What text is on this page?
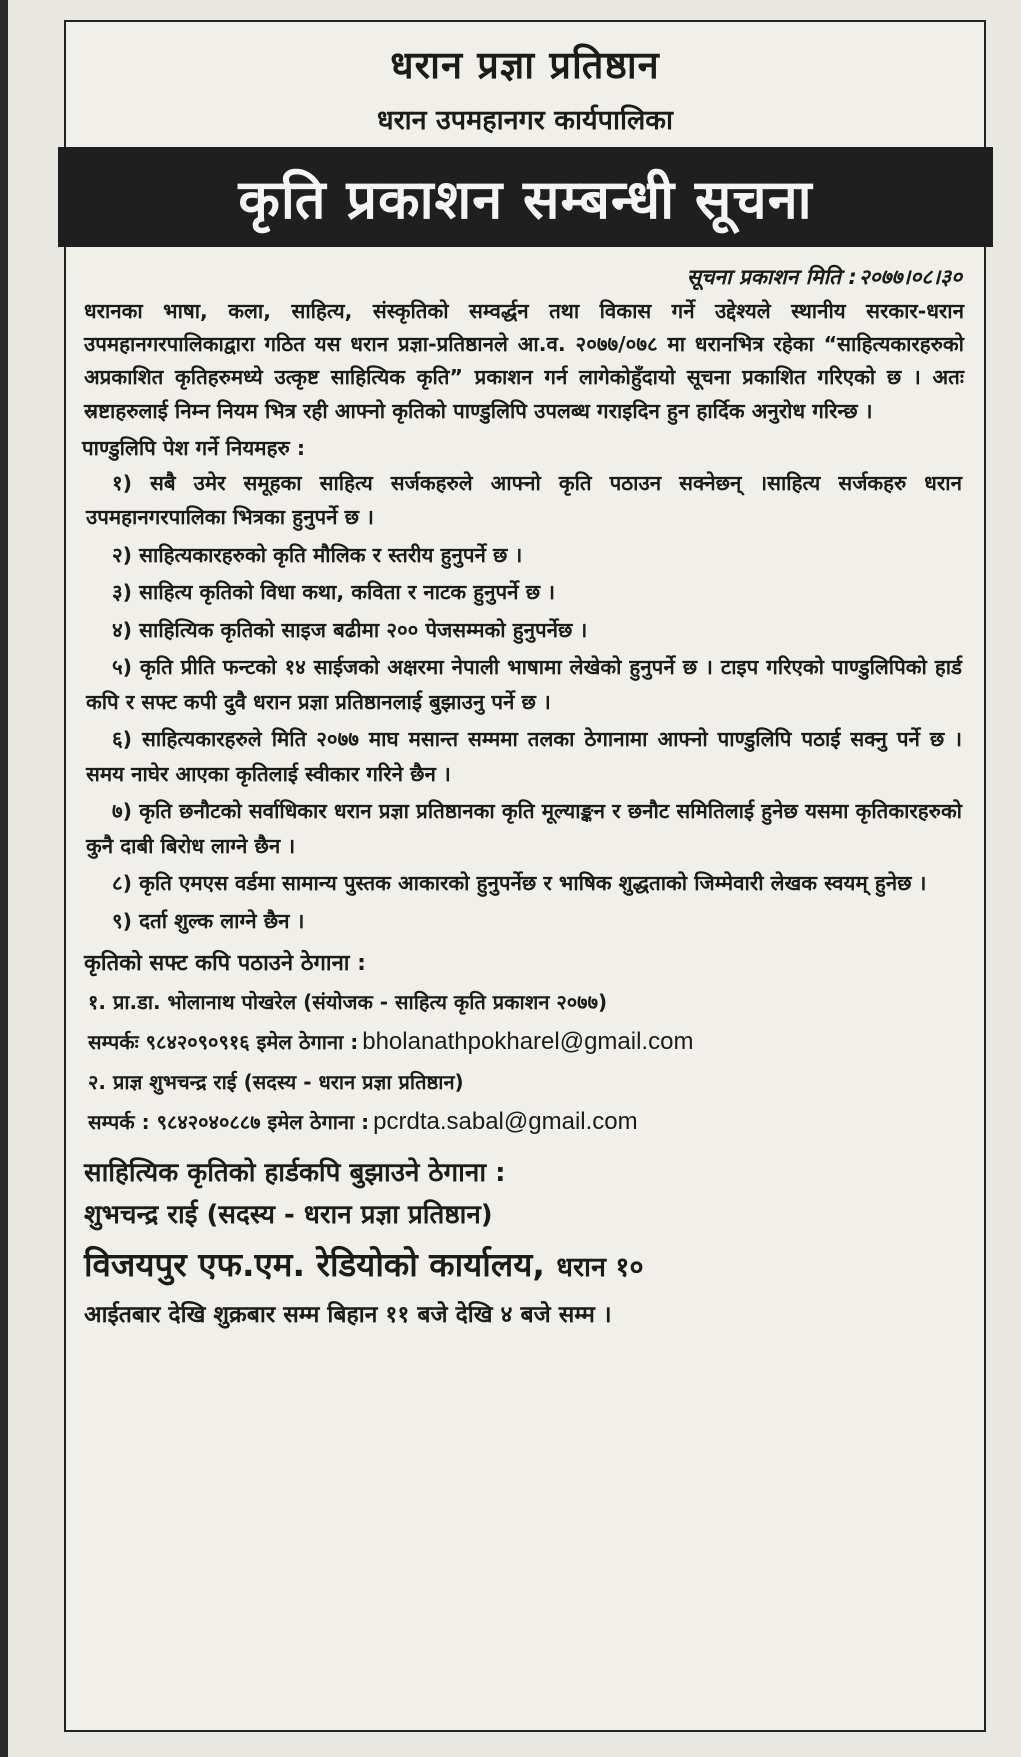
धरान प्रज्ञा प्रतिष्ठान
धरान उपमहानगर कार्यपालिका
कृति प्रकाशन सम्बन्धी सूचना
सूचना प्रकाशन मिति :२०७७।०८।३०
धरानका भाषा, कला, साहित्य, संस्कृतिको सम्वर्द्धन तथा विकास गर्ने उद्देश्यले स्थानीय सरकार-धरान उपमहानगरपालिकाद्वारा गठित यस धरान प्रज्ञा-प्रतिष्ठानले आ.व. २०७७/०७८ मा धरानभित्र रहेका “साहित्यकारहरुको अप्रकाशित कृतिहरुमध्ये उत्कृष्ट साहित्यिक कृति” प्रकाशन गर्न लागेकोहुँदायो सूचना प्रकाशित गरिएको छ । अतः स्रष्टाहरुलाई निम्न नियम भित्र रही आफ्नो कृतिको पाण्डुलिपि उपलब्ध गराइदिन हुन हार्दिक अनुरोध गरिन्छ ।
पाण्डुलिपि पेश गर्ने नियमहरु :
१) सबै उमेर समूहका साहित्य सर्जकहरुले आफ्नो कृति पठाउन सक्नेछन् ।साहित्य सर्जकहरु धरान उपमहानगरपालिका भित्रका हुनुपर्ने छ ।
२) साहित्यकारहरुको कृति मौलिक र स्तरीय हुनुपर्ने छ ।
३) साहित्य कृतिको विधा कथा, कविता र नाटक हुनुपर्ने छ ।
४) साहित्यिक कृतिको साइज बढीमा २०० पेजसम्मको हुनुपर्नेछ ।
५) कृति प्रीति फन्टको १४ साईजको अक्षरमा नेपाली भाषामा लेखेको हुनुपर्ने छ । टाइप गरिएको पाण्डुलिपिको हार्ड कपि र सफ्ट कपी दुवै धरान प्रज्ञा प्रतिष्ठानलाई बुझाउनु पर्ने छ ।
६) साहित्यकारहरुले मिति २०७७ माघ मसान्त सम्ममा तलका ठेगानामा आफ्नो पाण्डुलिपि पठाई सक्नु पर्ने छ । समय नाघेर आएका कृतिलाई स्वीकार गरिने छैन ।
७) कृति छनौटको सर्वाधिकार धरान प्रज्ञा प्रतिष्ठानका कृति मूल्याङ्कन र छनौट समितिलाई हुनेछ यसमा कृतिकारहरुको कुनै दाबी बिरोध लाग्ने छैन ।
८) कृति एमएस वर्डमा सामान्य पुस्तक आकारको हुनुपर्नेछ र भाषिक शुद्धताको जिम्मेवारी लेखक स्वयम् हुनेछ ।
९) दर्ता शुल्क लाग्ने छैन ।
कृतिको सफ्ट कपि पठाउने ठेगाना :
१. प्रा.डा. भोलानाथ पोखरेल (संयोजक - साहित्य कृति प्रकाशन २०७७)
सम्पर्कः ९८४२०९०९१६ इमेल ठेगाना : bholanathpokharel@gmail.com
२. प्राज्ञ शुभचन्द्र राई (सदस्य - धरान प्रज्ञा प्रतिष्ठान)
सम्पर्क : ९८४२०४०८८७ इमेल ठेगाना : pcrdta.sabal@gmail.com
साहित्यिक कृतिको हार्डकपि बुझाउने ठेगाना :
शुभचन्द्र राई (सदस्य - धरान प्रज्ञा प्रतिष्ठान)
विजयपुर एफ.एम. रेडियोको कार्यालय, धरान १०
आईतबार देखि शुक्रबार सम्म बिहान ११ बजे देखि ४ बजे सम्म ।
